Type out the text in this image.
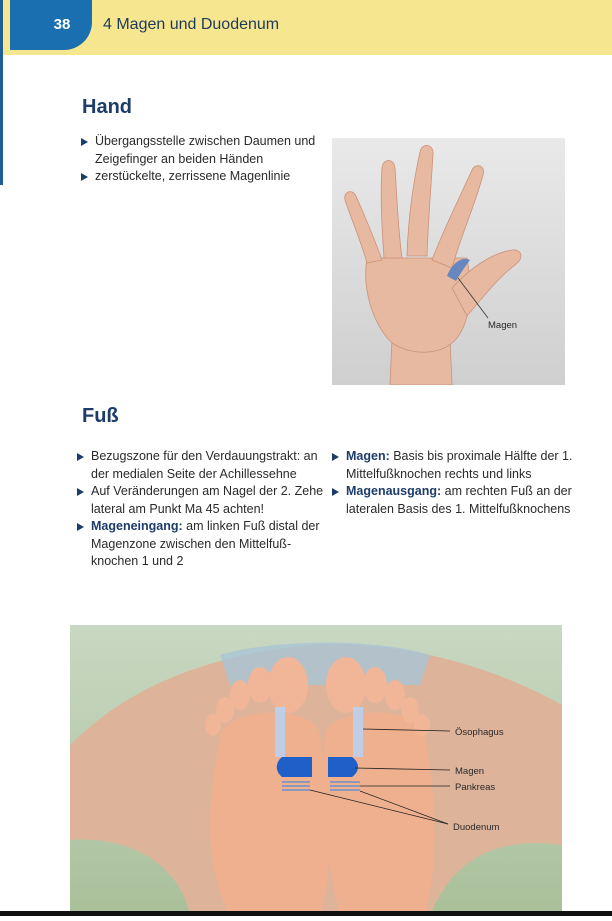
38	4 Magen und Duodenum
Hand
Übergangsstelle zwischen Daumen und Zeigefinger an beiden Händen
zerstückelte, zerrissene Magenlinie
Magen
Fuß
Bezugszone für den Verdauungstrakt: an der medialen Seite der Achillessehne
Auf Veränderungen am Nagel der 2. Zehe lateral am Punkt Ma 45 achten!
Mageneingang: am linken Fuß distal der Magenzone zwischen den Mittelfußknochen 1 und 2
Magen: Basis bis proximale Hälfte der 1. Mittelfußknochen rechts und links
Magenausgang: am rechten Fuß an der lateralen Basis des 1. Mittelfußknochens
Ösophagus
Magen
Pankreas
Duodenum
